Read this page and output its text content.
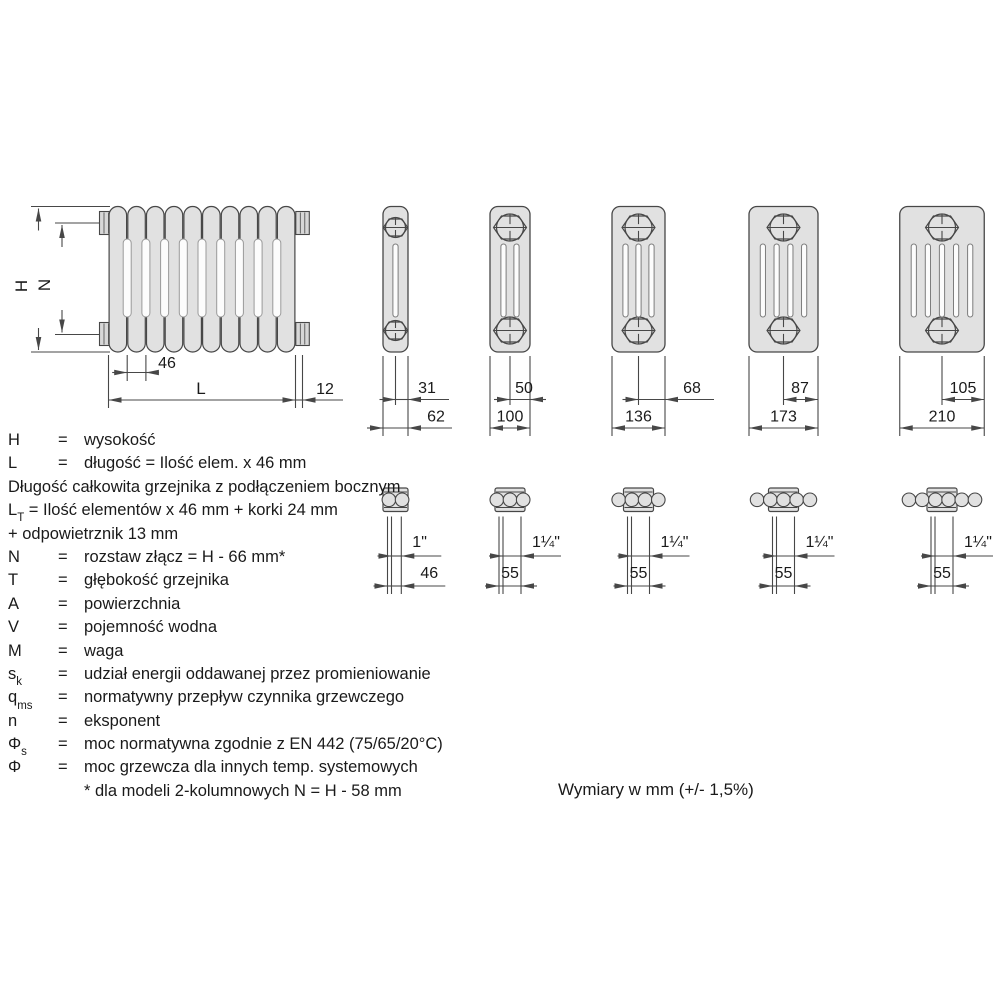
H N
46
L	12	31
62
1"
46
50
100
1¼"
55
68
136
1¼"
55
87
173
1¼"
55
105
210
1¼"
55
H	= wysokość
L	= długość = Ilość elem. x 46 mm
Długość całkowita grzejnika z podłączeniem bocznym
$L_T$ = Ilość elementów x 46 mm + korki 24 mm
+ odpowietrznik 13 mm
N	= rozstaw złącz = H - 66 mm*
T	= głębokość grzejnika
A	= powierzchnia
V	= pojemność wodna
M	= waga
$s_k$	= udział energii oddawanej przez promieniowanie
$q_{ms}$	= normatywny przepływ czynnika grzewczego
n	= eksponent
$\Phi_s$	= moc normatywna zgodnie z EN 442 (75/65/20°C)
Φ	= moc grzewcza dla innych temp. systemowych
* dla modeli 2-kolumnowych N = H - 58 mm	Wymiary w mm (+/- 1,5%)
